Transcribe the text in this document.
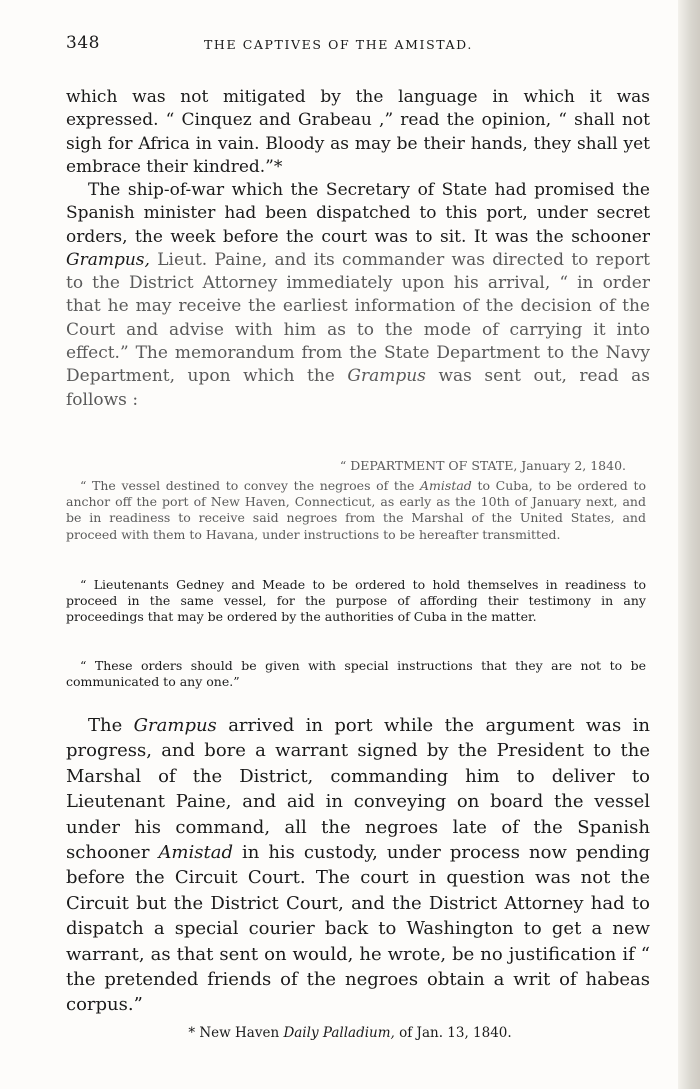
348	THE CAPTIVES OF THE AMISTAD.

which was not mitigated by the language in which it was expressed. “ Cinquez and Grabeau ,” read the opinion, “ shall not sigh for Africa in vain. Bloody as may be their hands, they shall yet embrace their kindred.”*

The ship-of-war which the Secretary of State had promised the Spanish minister had been dispatched to this port, under secret orders, the week before the court was to sit. It was the schooner Grampus, Lieut. Paine, and its commander was directed to report to the District Attorney immediately upon his arrival, “ in order that he may receive the earliest information of the decision of the Court and advise with him as to the mode of carrying it into effect.” The memorandum from the State Department to the Navy Department, upon which the Grampus was sent out, read as follows :

“ DEPARTMENT OF STATE, January 2, 1840.

“ The vessel destined to convey the negroes of the Amistad to Cuba, to be ordered to anchor off the port of New Haven, Connecticut, as early as the 10th of January next, and be in readiness to receive said negroes from the Marshal of the United States, and proceed with them to Havana, under instructions to be hereafter transmitted.

“ Lieutenants Gedney and Meade to be ordered to hold themselves in readiness to proceed in the same vessel, for the purpose of affording their testimony in any proceedings that may be ordered by the authorities of Cuba in the matter.

“ These orders should be given with special instructions that they are not to be communicated to any one.”

The Grampus arrived in port while the argument was in progress, and bore a warrant signed by the President to the Marshal of the District, commanding him to deliver to Lieutenant Paine, and aid in conveying on board the vessel under his command, all the negroes late of the Spanish schooner Amistad in his custody, under process now pending before the Circuit Court. The court in question was not the Circuit but the District Court, and the District Attorney had to dispatch a special courier back to Washington to get a new warrant, as that sent on would, he wrote, be no justification if “ the pretended friends of the negroes obtain a writ of habeas corpus.”

* New Haven Daily Palladium, of Jan. 13, 1840.
